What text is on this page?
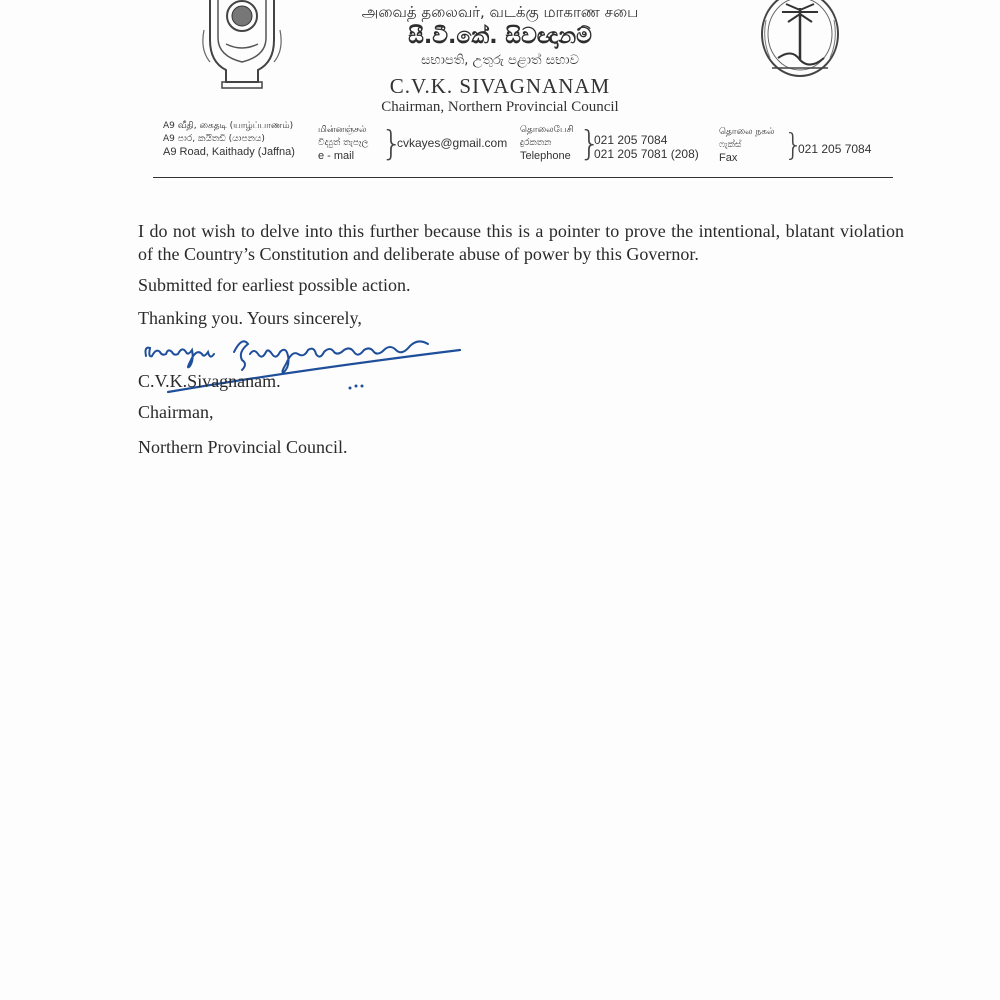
அவைத் தலைவர், வடக்கு மாகாண சபை
සී.වී.කේ. සිවඥානම්
සභාපති, උතුරු පළාත් සභාව
C.V.K. SIVAGNANAM
Chairman, Northern Provincial Council
A9 வீதி, கைதடி (யாழ்ப்பாணம்)
A9 පාර, කයිතඩි (යාපනය)
A9 Road, Kaithady (Jaffna)
மின்னஞ்சல்
විද්‍යුත් තැපෑල
e - mail }
cvkayes@gmail.com
தொலைபேசி
දුරකතන
Telephone }
021 205 7084
021 205 7081 (208)
தொலை நகல்
ෆැක්ස්
Fax	}
021 205 7084
I do not wish to delve into this further because this is a pointer to prove the intentional, blatant violation of the Country’s Constitution and deliberate abuse of power by this Governor.
Submitted for earliest possible action.
Thanking you. Yours sincerely,
C.V.K.Sivagnanam.
Chairman,
Northern Provincial Council.
